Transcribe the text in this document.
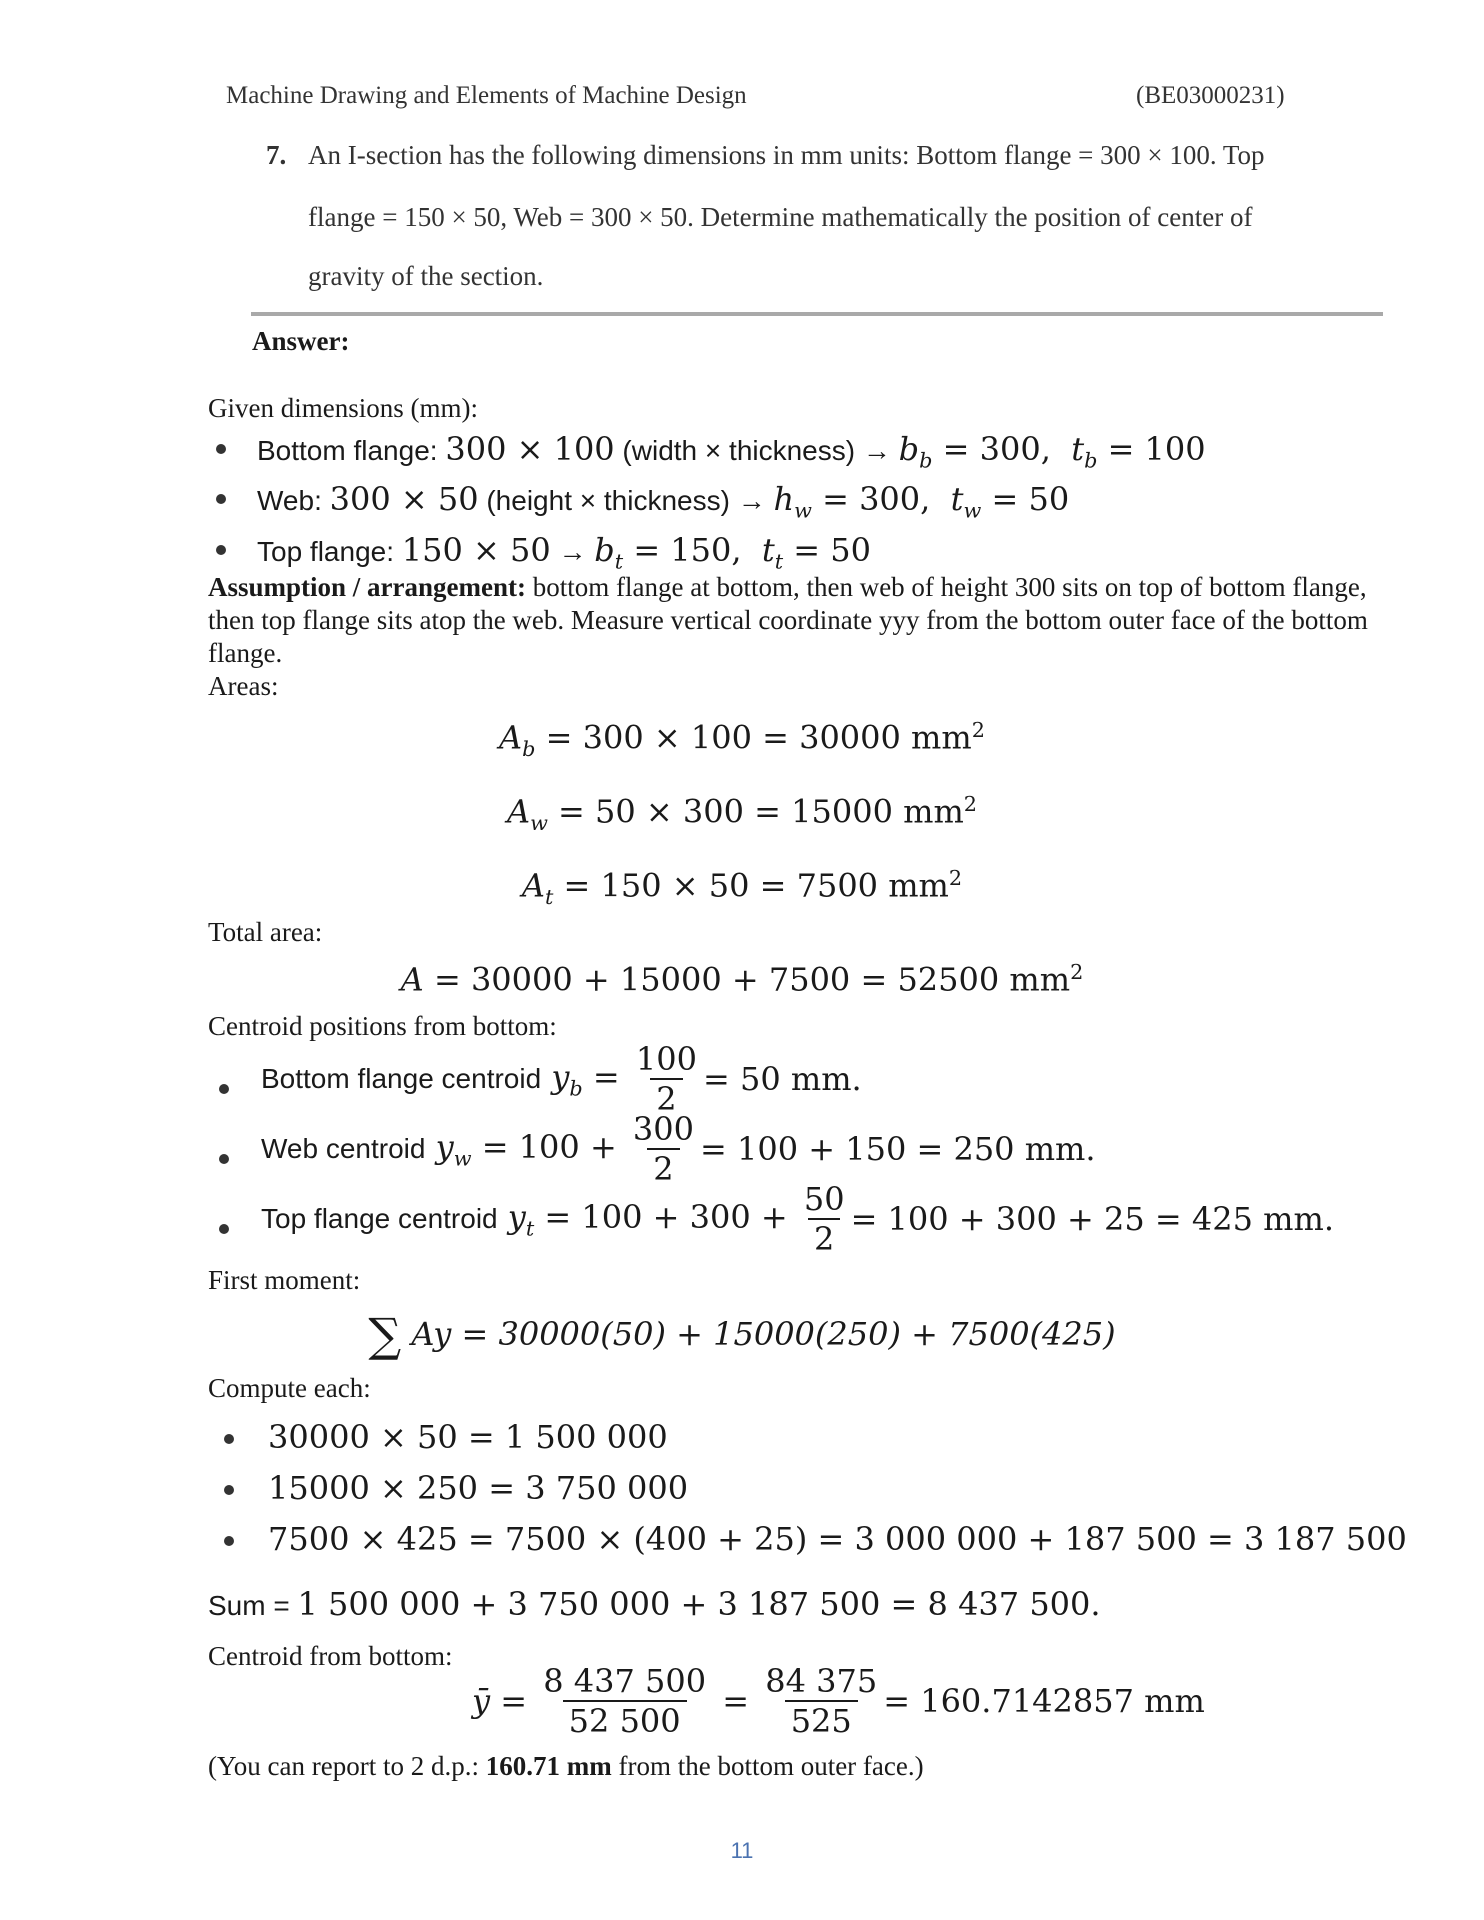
Machine Drawing and Elements of Machine Design	(BE03000231)
7. An I-section has the following dimensions in mm units: Bottom flange = 300 × 100. Top
flange = 150 × 50, Web = 300 × 50. Determine mathematically the position of center of
gravity of the section.
Answer:
Given dimensions (mm):
Bottom flange: 300 × 100 (width × thickness) → $b_b = 300$,  $t_b = 100$
Web: 300 × 50 (height × thickness) → $h_w = 300$,  $t_w = 50$
Top flange: $150 \times 50 \to b_t = 150$,  $t_t = 50$
Assumption / arrangement: bottom flange at bottom, then web of height 300 sits on top of bottom flange, then top flange sits atop the web. Measure vertical coordinate yyy from the bottom outer face of the bottom flange.
Areas:
$A_b = 300 \times 100 = 30000$ $mm^2$
$A_w = 50 \times 300 = 15000$ $mm^2$
$A_t = 150 \times 50 = 7500$ $mm^2$
Total area:
A = 30000 + 15000 + 7500 = 52500 $mm^2$
Centroid positions from bottom:
Bottom flange centroid $y_b = \frac{100}{2} = 50$ mm.
Web centroid $y_w = 100 + \frac{300}{2} = 100 + 150 = 250$ mm.
Top flange centroid $y_t = 100 + 300 + \frac{50}{2} = 100 + 300 + 25 = 425$ mm.
First moment:
∑ Ay = 30000(50) + 15000(250) + 7500(425)
Compute each:
30000 × 50 = 1 500 000
15000 × 250 = 3 750 000
7500 × 425 = 7500 × (400 + 25) = 3 000 000 + 187 500 = 3 187 500
Sum = 1 500 000 + 3 750 000 + 3 187 500 = 8 437 500.
Centroid from bottom:
ȳ = $\frac{8 437 500}{52 500} = \frac{84 375}{525} = 160.7142857$ mm
(You can report to 2 d.p.: 160.71 mm from the bottom outer face.)
11
